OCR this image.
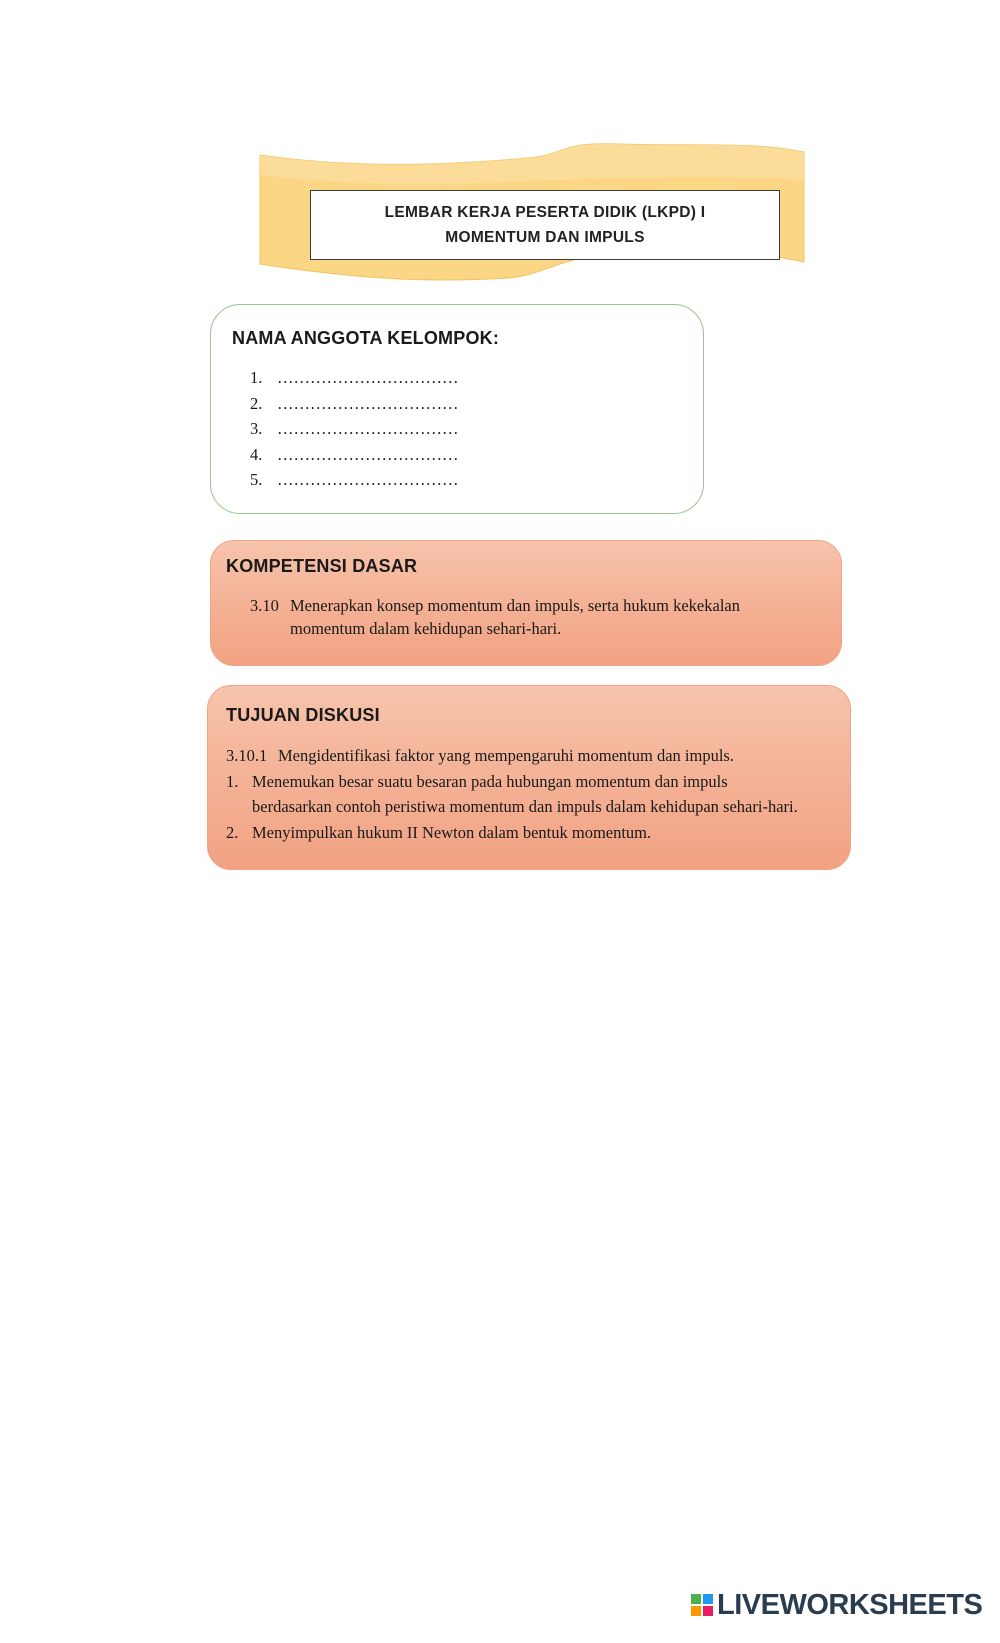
LEMBAR KERJA PESERTA DIDIK (LKPD) I
MOMENTUM DAN IMPULS
NAMA ANGGOTA KELOMPOK:
1. ……………………………
2. ……………………………
3. ……………………………
4. ……………………………
5. ……………………………
KOMPETENSI DASAR
3.10 Menerapkan konsep momentum dan impuls, serta hukum kekekalan
momentum dalam kehidupan sehari-hari.
TUJUAN DISKUSI
3.10.1 Mengidentifikasi faktor yang mempengaruhi momentum dan impuls.
1. Menemukan besar suatu besaran pada hubungan momentum dan impuls
berdasarkan contoh peristiwa momentum dan impuls dalam kehidupan sehari-hari.
2. Menyimpulkan hukum II Newton dalam bentuk momentum.
LIVEWORKSHEETS
